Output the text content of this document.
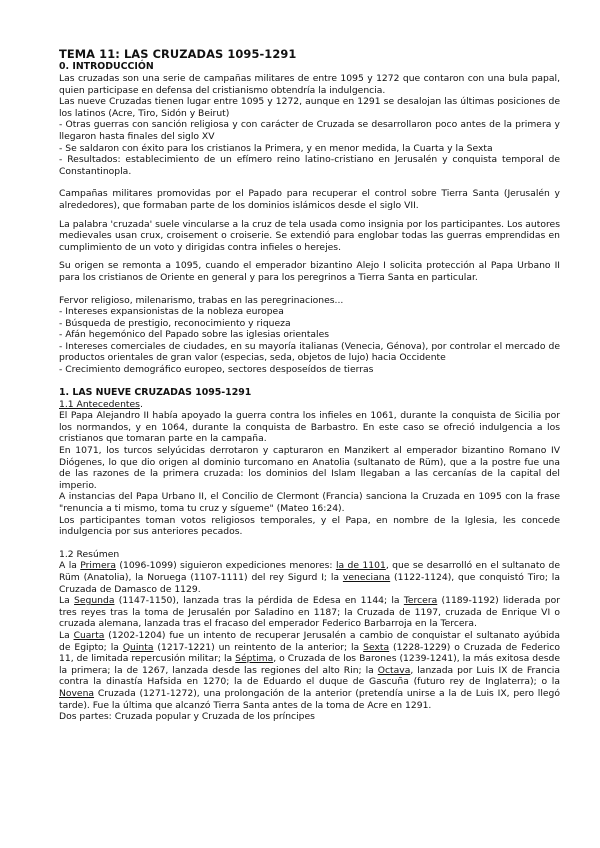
TEMA 11: LAS CRUZADAS 1095-1291
0. INTRODUCCIÓN

Las cruzadas son una serie de campañas militares de entre 1095 y 1272 que contaron con una bula papal, quien participase en defensa del cristianismo obtendría la indulgencia.

Las nueve Cruzadas tienen lugar entre 1095 y 1272, aunque en 1291 se desalojan las últimas posiciones de los latinos (Acre, Tiro, Sidón y Beirut)

- Otras guerras con sanción religiosa y con carácter de Cruzada se desarrollaron poco antes de la primera y llegaron hasta finales del siglo XV

- Se saldaron con éxito para los cristianos la Primera, y en menor medida, la Cuarta y la Sexta

- Resultados: establecimiento de un efímero reino latino-cristiano en Jerusalén y conquista temporal de Constantinopla.

Campañas militares promovidas por el Papado para recuperar el control sobre Tierra Santa (Jerusalén y alrededores), que formaban parte de los dominios islámicos desde el siglo VII.

La palabra 'cruzada' suele vincularse a la cruz de tela usada como insignia por los participantes. Los autores medievales usan crux, croisement o croiserie. Se extendió para englobar todas las guerras emprendidas en cumplimiento de un voto y dirigidas contra infieles o herejes.

Su origen se remonta a 1095, cuando el emperador bizantino Alejo I solicita protección al Papa Urbano II para los cristianos de Oriente en general y para los peregrinos a Tierra Santa en particular.

Fervor religioso, milenarismo, trabas en las peregrinaciones...

- Intereses expansionistas de la nobleza europea

- Búsqueda de prestigio, reconocimiento y riqueza

- Afán hegemónico del Papado sobre las iglesias orientales

- Intereses comerciales de ciudades, en su mayoría italianas (Venecia, Génova), por controlar el mercado de productos orientales de gran valor (especias, seda, objetos de lujo) hacia Occidente

- Crecimiento demográfico europeo, sectores desposeídos de tierras

1. LAS NUEVE CRUZADAS 1095-1291

1.1 Antecedentes.

El Papa Alejandro II había apoyado la guerra contra los infieles en 1061, durante la conquista de Sicilia por los normandos, y en 1064, durante la conquista de Barbastro. En este caso se ofreció indulgencia a los cristianos que tomaran parte en la campaña.

En 1071, los turcos selyúcidas derrotaron y capturaron en Manzikert al emperador bizantino Romano IV Diógenes, lo que dio origen al dominio turcomano en Anatolia (sultanato de Rüm), que a la postre fue una de las razones de la primera cruzada: los dominios del Islam llegaban a las cercanías de la capital del imperio.

A instancias del Papa Urbano II, el Concilio de Clermont (Francia) sanciona la Cruzada en 1095 con la frase "renuncia a ti mismo, toma tu cruz y sígueme" (Mateo 16:24).

Los participantes toman votos religiosos temporales, y el Papa, en nombre de la Iglesia, les concede indulgencia por sus anteriores pecados.

1.2 Resúmen

A la Primera (1096-1099) siguieron expediciones menores: la de 1101, que se desarrolló en el sultanato de Rüm (Anatolia), la Noruega (1107-1111) del rey Sigurd I; la veneciana (1122-1124), que conquistó Tiro; la Cruzada de Damasco de 1129.

La Segunda (1147-1150), lanzada tras la pérdida de Edesa en 1144; la Tercera (1189-1192) liderada por tres reyes tras la toma de Jerusalén por Saladino en 1187; la Cruzada de 1197, cruzada de Enrique VI o cruzada alemana, lanzada tras el fracaso del emperador Federico Barbarroja en la Tercera.

La Cuarta (1202-1204) fue un intento de recuperar Jerusalén a cambio de conquistar el sultanato ayúbida de Egipto; la Quinta (1217-1221) un reintento de la anterior; la Sexta (1228-1229) o Cruzada de Federico 11, de limitada repercusión militar; la Séptima, o Cruzada de los Barones (1239-1241), la más exitosa desde la primera; la de 1267, lanzada desde las regiones del alto Rin; la Octava, lanzada por Luis IX de Francia contra la dinastía Hafsida en 1270; la de Eduardo el duque de Gascuña (futuro rey de Inglaterra); o la Novena Cruzada (1271-1272), una prolongación de la anterior (pretendía unirse a la de Luis IX, pero llegó tarde). Fue la última que alcanzó Tierra Santa antes de la toma de Acre en 1291.

Dos partes: Cruzada popular y Cruzada de los príncipes
